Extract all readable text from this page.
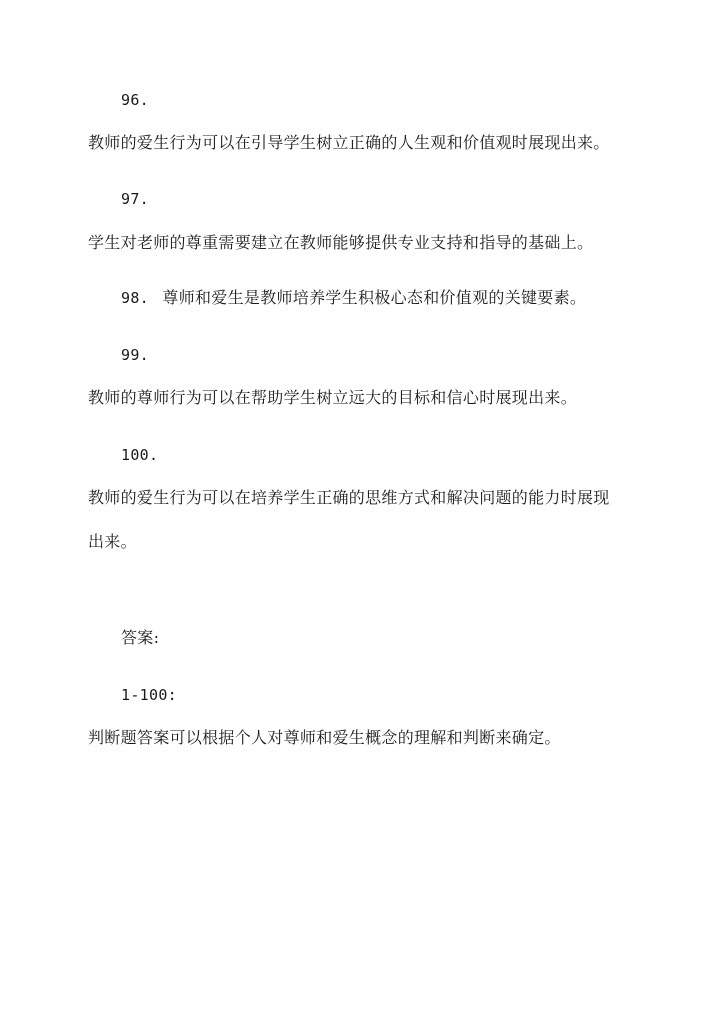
96.
教师的爱生行为可以在引导学生树立正确的人生观和价值观时展现出来。
97.
学生对老师的尊重需要建立在教师能够提供专业支持和指导的基础上。
98. 尊师和爱生是教师培养学生积极心态和价值观的关键要素。
99.
教师的尊师行为可以在帮助学生树立远大的目标和信心时展现出来。
100.
教师的爱生行为可以在培养学生正确的思维方式和解决问题的能力时展现
出来。
答案:
1-100:
判断题答案可以根据个人对尊师和爱生概念的理解和判断来确定。
